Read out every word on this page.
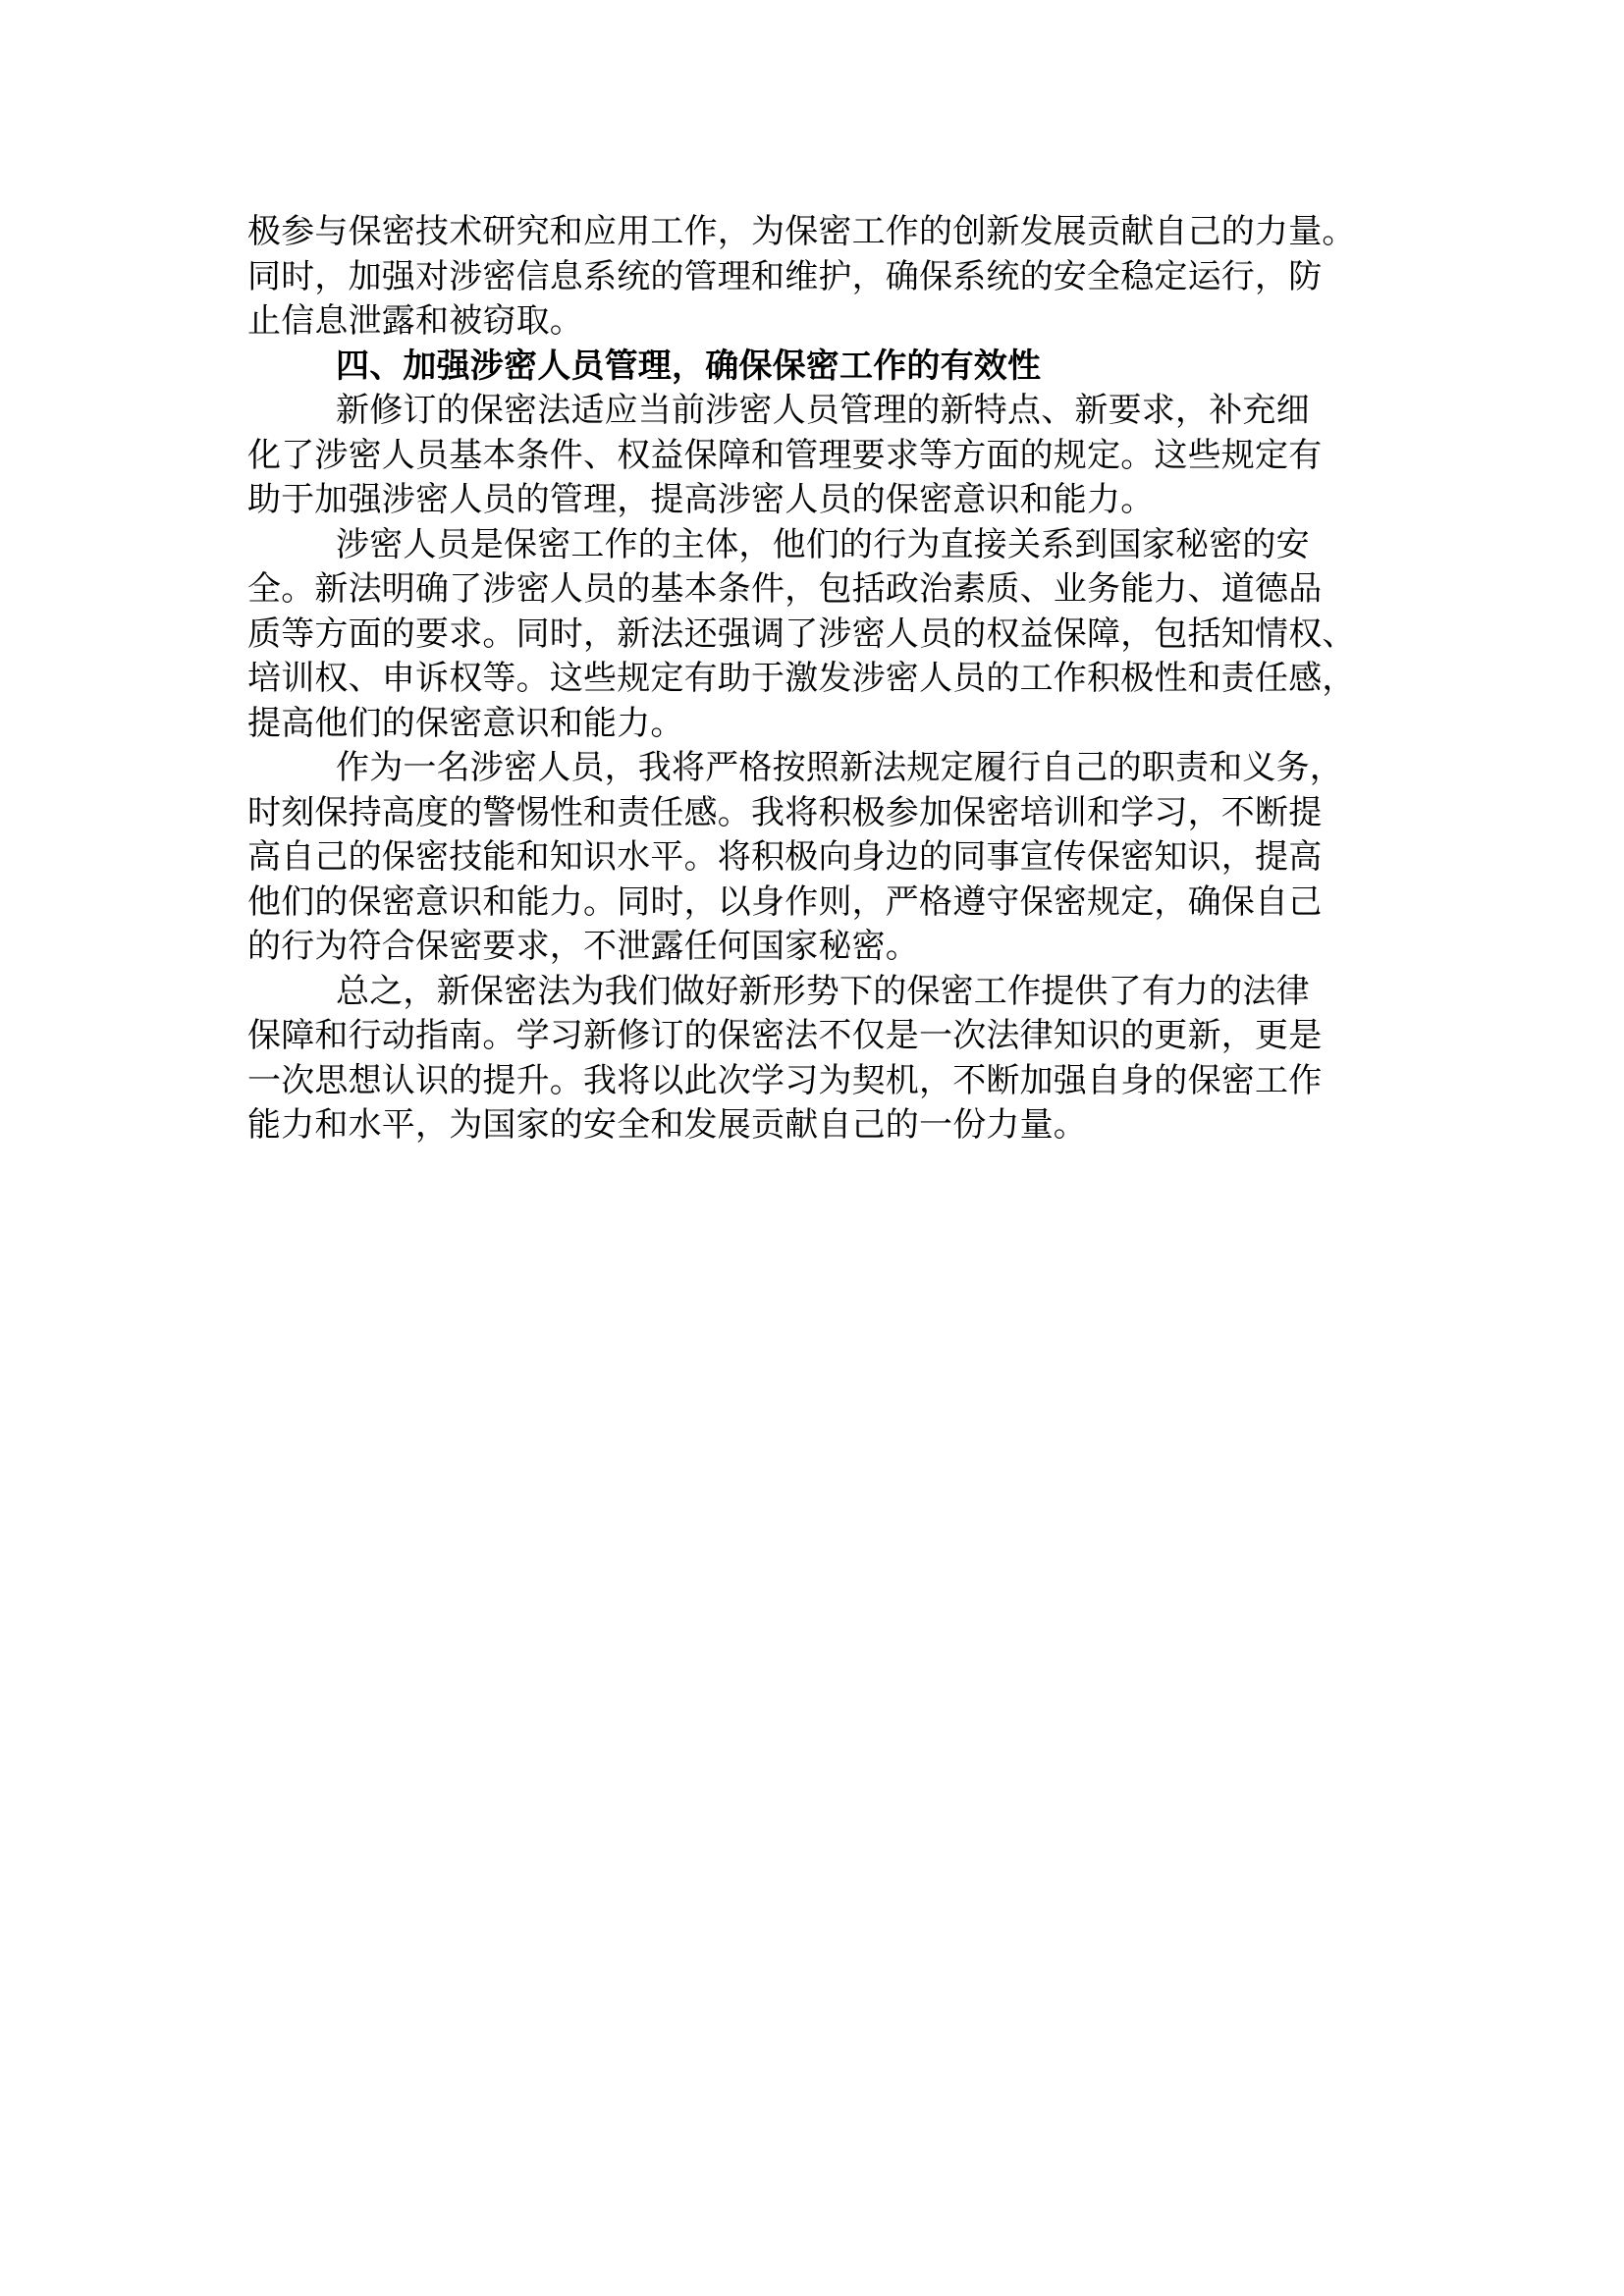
极参与保密技术研究和应用工作，为保密工作的创新发展贡献自己的力量。
同时，加强对涉密信息系统的管理和维护，确保系统的安全稳定运行，防
止信息泄露和被窃取。
四、加强涉密人员管理，确保保密工作的有效性
新修订的保密法适应当前涉密人员管理的新特点、新要求，补充细
化了涉密人员基本条件、权益保障和管理要求等方面的规定。这些规定有
助于加强涉密人员的管理，提高涉密人员的保密意识和能力。
涉密人员是保密工作的主体，他们的行为直接关系到国家秘密的安
全。新法明确了涉密人员的基本条件，包括政治素质、业务能力、道德品
质等方面的要求。同时，新法还强调了涉密人员的权益保障，包括知情权、
培训权、申诉权等。这些规定有助于激发涉密人员的工作积极性和责任感，
提高他们的保密意识和能力。
作为一名涉密人员，我将严格按照新法规定履行自己的职责和义务，
时刻保持高度的警惕性和责任感。我将积极参加保密培训和学习，不断提
高自己的保密技能和知识水平。将积极向身边的同事宣传保密知识，提高
他们的保密意识和能力。同时，以身作则，严格遵守保密规定，确保自己
的行为符合保密要求，不泄露任何国家秘密。
总之，新保密法为我们做好新形势下的保密工作提供了有力的法律
保障和行动指南。学习新修订的保密法不仅是一次法律知识的更新，更是
一次思想认识的提升。我将以此次学习为契机，不断加强自身的保密工作
能力和水平，为国家的安全和发展贡献自己的一份力量。
